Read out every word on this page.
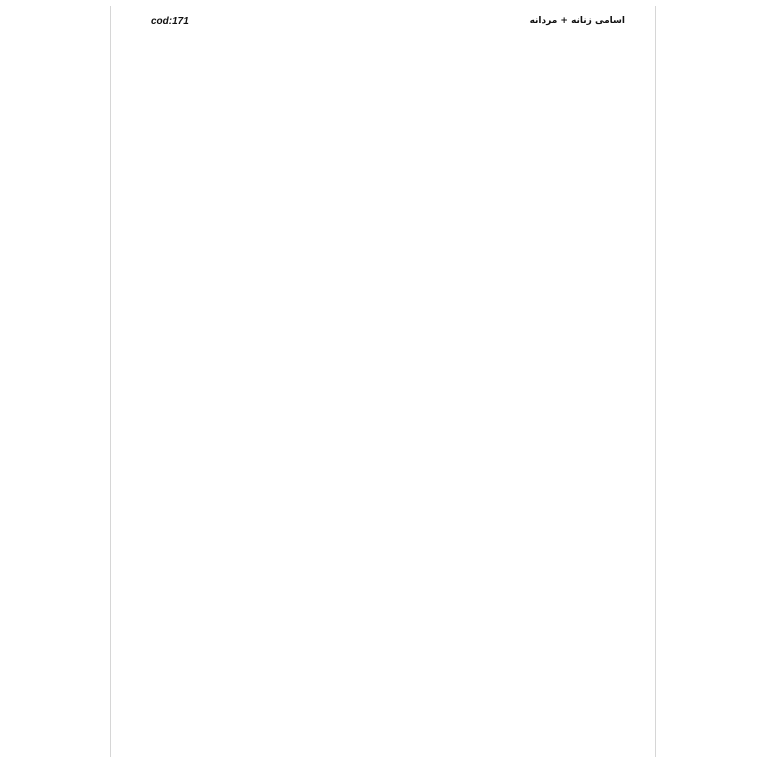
cod:171	اسامی زنانه + مردانه
